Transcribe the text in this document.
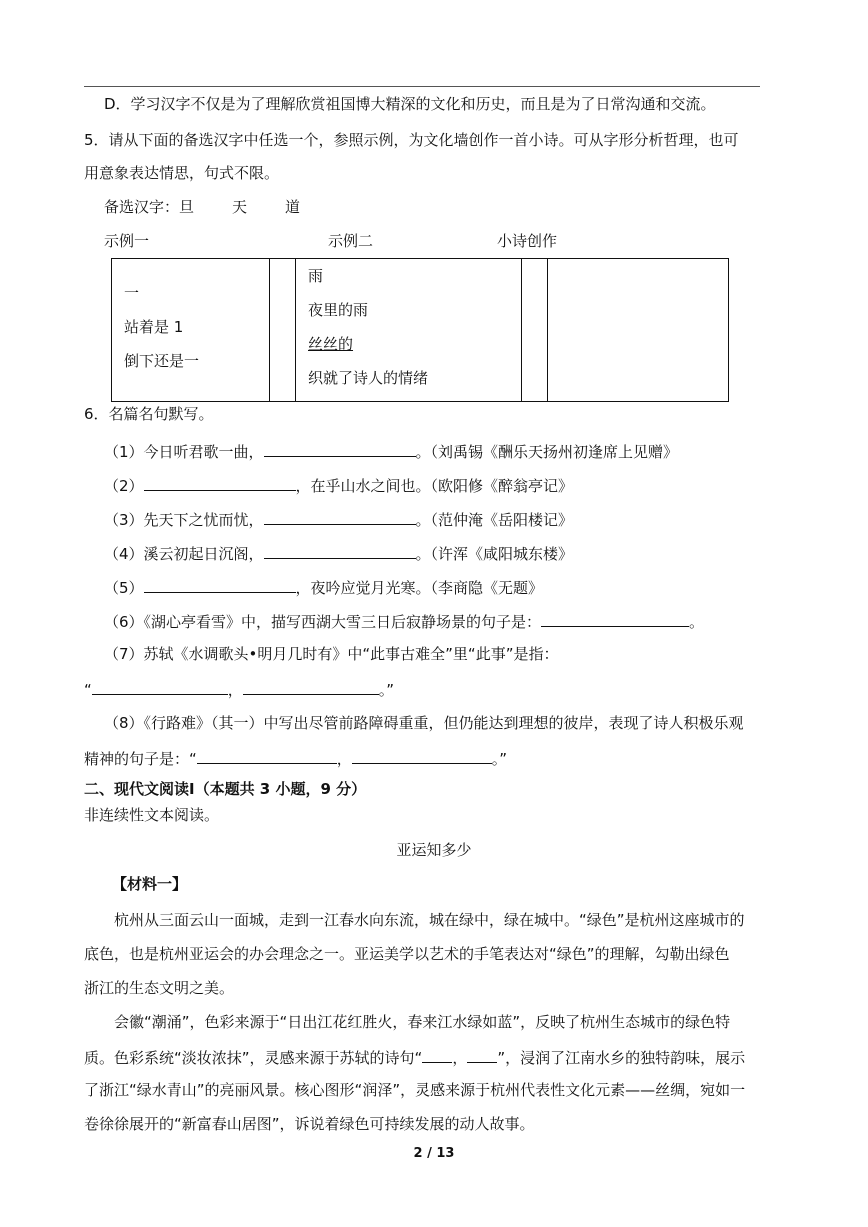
D．学习汉字不仅是为了理解欣赏祖国博大精深的文化和历史，而且是为了日常沟通和交流。
5．请从下面的备选汉字中任选一个，参照示例，为文化墙创作一首小诗。可从字形分析哲理，也可
用意象表达情思，句式不限。
备选汉字：旦	天	道
示例一	示例二	小诗创作
一
站着是 1
倒下还是一

雨
夜里的雨
丝丝的
织就了诗人的情绪

6．名篇名句默写。
（1）今日听君歌一曲，	。（刘禹锡《酬乐天扬州初逢席上见赠》
（2）	，在乎山水之间也。（欧阳修《醉翁亭记》
（3）先天下之忧而忧，	。（范仲淹《岳阳楼记》
（4）溪云初起日沉阁，	。（许浑《咸阳城东楼》
（5）	，夜吟应觉月光寒。（李商隐《无题》
（6）《湖心亭看雪》中，描写西湖大雪三日后寂静场景的句子是：	。
（7）苏轼《水调歌头•明月几时有》中“此事古难全”里“此事”是指：
“	，	。”
（8）《行路难》（其一）中写出尽管前路障碍重重，但仍能达到理想的彼岸，表现了诗人积极乐观
精神的句子是：“	，	。”
二、现代文阅读Ⅰ（本题共 3 小题，9 分）
非连续性文本阅读。
亚运知多少
【材料一】
杭州从三面云山一面城，走到一江春水向东流，城在绿中，绿在城中。“绿色”是杭州这座城市的
底色，也是杭州亚运会的办会理念之一。亚运美学以艺术的手笔表达对“绿色”的理解，勾勒出绿色
浙江的生态文明之美。
会徽“潮涌”，色彩来源于“日出江花红胜火，春来江水绿如蓝”，反映了杭州生态城市的绿色特
质。色彩系统“淡妆浓抹”，灵感来源于苏轼的诗句“ ， ”，浸润了江南水乡的独特韵味，展示
了浙江“绿水青山”的亮丽风景。核心图形“润泽”，灵感来源于杭州代表性文化元素——丝绸，宛如一
卷徐徐展开的“新富春山居图”，诉说着绿色可持续发展的动人故事。
2 / 13
